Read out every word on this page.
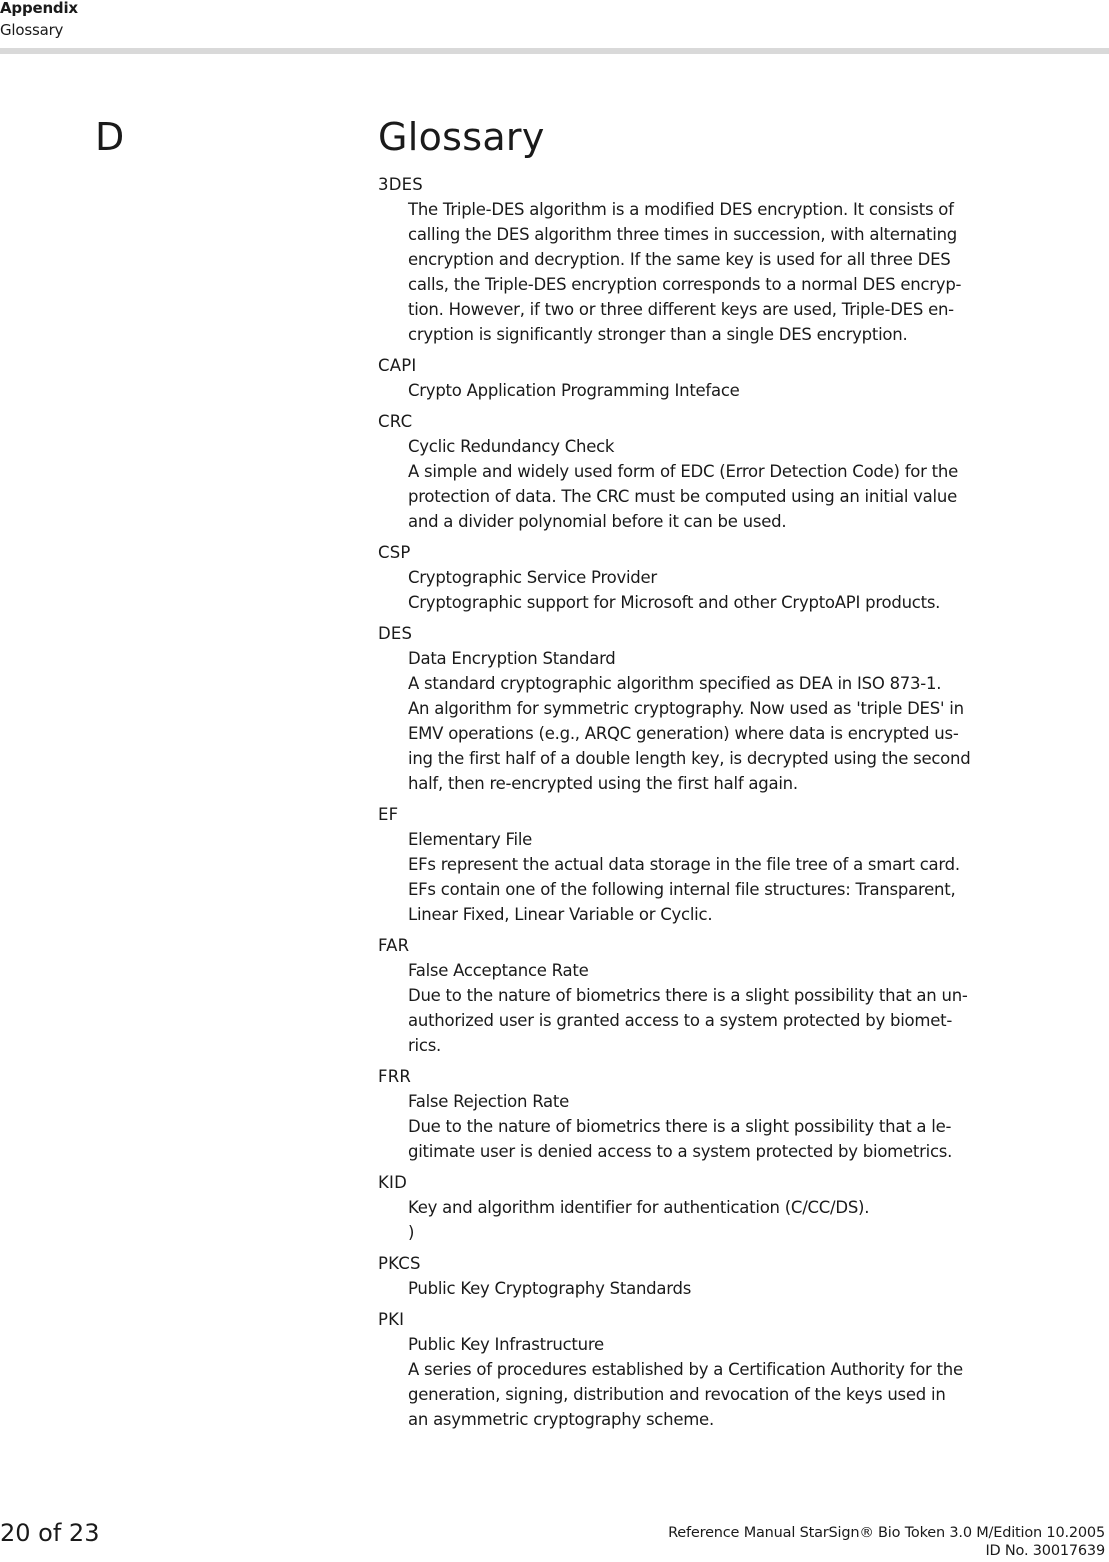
Appendix
Glossary
D	Glossary
3DES
The Triple-DES algorithm is a modified DES encryption. It consists of
calling the DES algorithm three times in succession, with alternating
encryption and decryption. If the same key is used for all three DES
calls, the Triple-DES encryption corresponds to a normal DES encryp-
tion. However, if two or three different keys are used, Triple-DES en-
cryption is significantly stronger than a single DES encryption.
CAPI
Crypto Application Programming Inteface
CRC
Cyclic Redundancy Check
A simple and widely used form of EDC (Error Detection Code) for the
protection of data. The CRC must be computed using an initial value
and a divider polynomial before it can be used.
CSP
Cryptographic Service Provider
Cryptographic support for Microsoft and other CryptoAPI products.
DES
Data Encryption Standard
A standard cryptographic algorithm specified as DEA in ISO 873-1.
An algorithm for symmetric cryptography. Now used as 'triple DES' in
EMV operations (e.g., ARQC generation) where data is encrypted us-
ing the first half of a double length key, is decrypted using the second
half, then re-encrypted using the first half again.
EF
Elementary File
EFs represent the actual data storage in the file tree of a smart card.
EFs contain one of the following internal file structures: Transparent,
Linear Fixed, Linear Variable or Cyclic.
FAR
False Acceptance Rate
Due to the nature of biometrics there is a slight possibility that an un-
authorized user is granted access to a system protected by biomet-
rics.
FRR
False Rejection Rate
Due to the nature of biometrics there is a slight possibility that a le-
gitimate user is denied access to a system protected by biometrics.
KID
Key and algorithm identifier for authentication (C/CC/DS).
)
PKCS
Public Key Cryptography Standards
PKI
Public Key Infrastructure
A series of procedures established by a Certification Authority for the
generation, signing, distribution and revocation of the keys used in
an asymmetric cryptography scheme.
20 of 23	Reference Manual StarSign® Bio Token 3.0 M/Edition 10.2005
ID No. 30017639
